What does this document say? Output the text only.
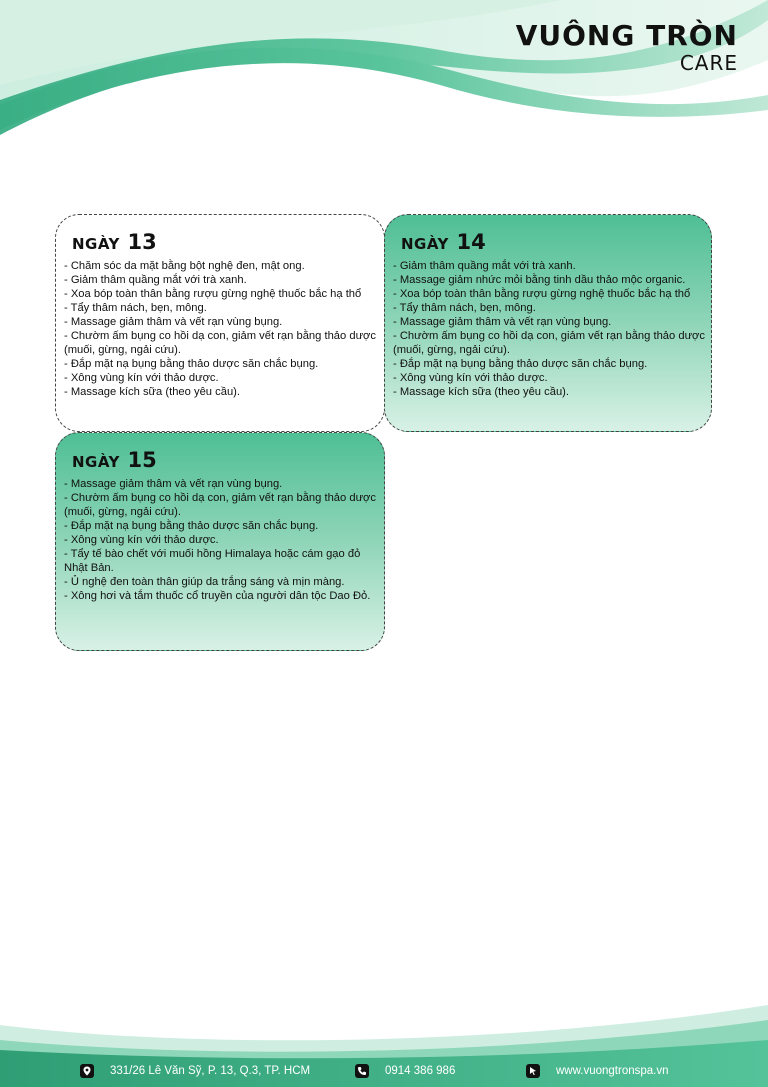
VUÔNG TRÒN
CARE
NGÀY 13
- Chăm sóc da mặt bằng bột nghệ đen, mật ong.
- Giảm thâm quầng mắt với trà xanh.
- Xoa bóp toàn thân bằng rượu gừng nghệ thuốc bắc hạ thổ
- Tẩy thâm nách, bẹn, mông.
- Massage giảm thâm và vết rạn vùng bụng.
- Chườm ấm bụng co hồi dạ con, giảm vết rạn bằng thảo dược (muối, gừng, ngải cứu).
- Đắp mặt nạ bụng bằng thảo dược săn chắc bụng.
- Xông vùng kín với thảo dược.
- Massage kích sữa (theo yêu cầu).
NGÀY 14
- Giảm thâm quầng mắt với trà xanh.
- Massage giảm nhức mỏi bằng tinh dầu thảo mộc organic.
- Xoa bóp toàn thân bằng rượu gừng nghệ thuốc bắc hạ thổ
- Tẩy thâm nách, bẹn, mông.
- Massage giảm thâm và vết rạn vùng bụng.
- Chườm ấm bụng co hồi dạ con, giảm vết rạn bằng thảo dược (muối, gừng, ngải cứu).
- Đắp mặt nạ bụng bằng thảo dược săn chắc bụng.
- Xông vùng kín với thảo dược.
- Massage kích sữa (theo yêu cầu).
NGÀY 15
- Massage giảm thâm và vết rạn vùng bụng.
- Chườm ấm bụng co hồi dạ con, giảm vết rạn bằng thảo dược (muối, gừng, ngải cứu).
- Đắp mặt nạ bụng bằng thảo dược săn chắc bụng.
- Xông vùng kín với thảo dược.
- Tẩy tế bào chết với muối hồng Himalaya hoặc cám gạo đỏ Nhật Bản.
- Ủ nghệ đen toàn thân giúp da trắng sáng và mịn màng.
- Xông hơi và tắm thuốc cổ truyền của người dân tộc Dao Đỏ.
331/26 Lê Văn Sỹ, P. 13, Q.3, TP. HCM	0914 386 986	www.vuongtronspa.vn
